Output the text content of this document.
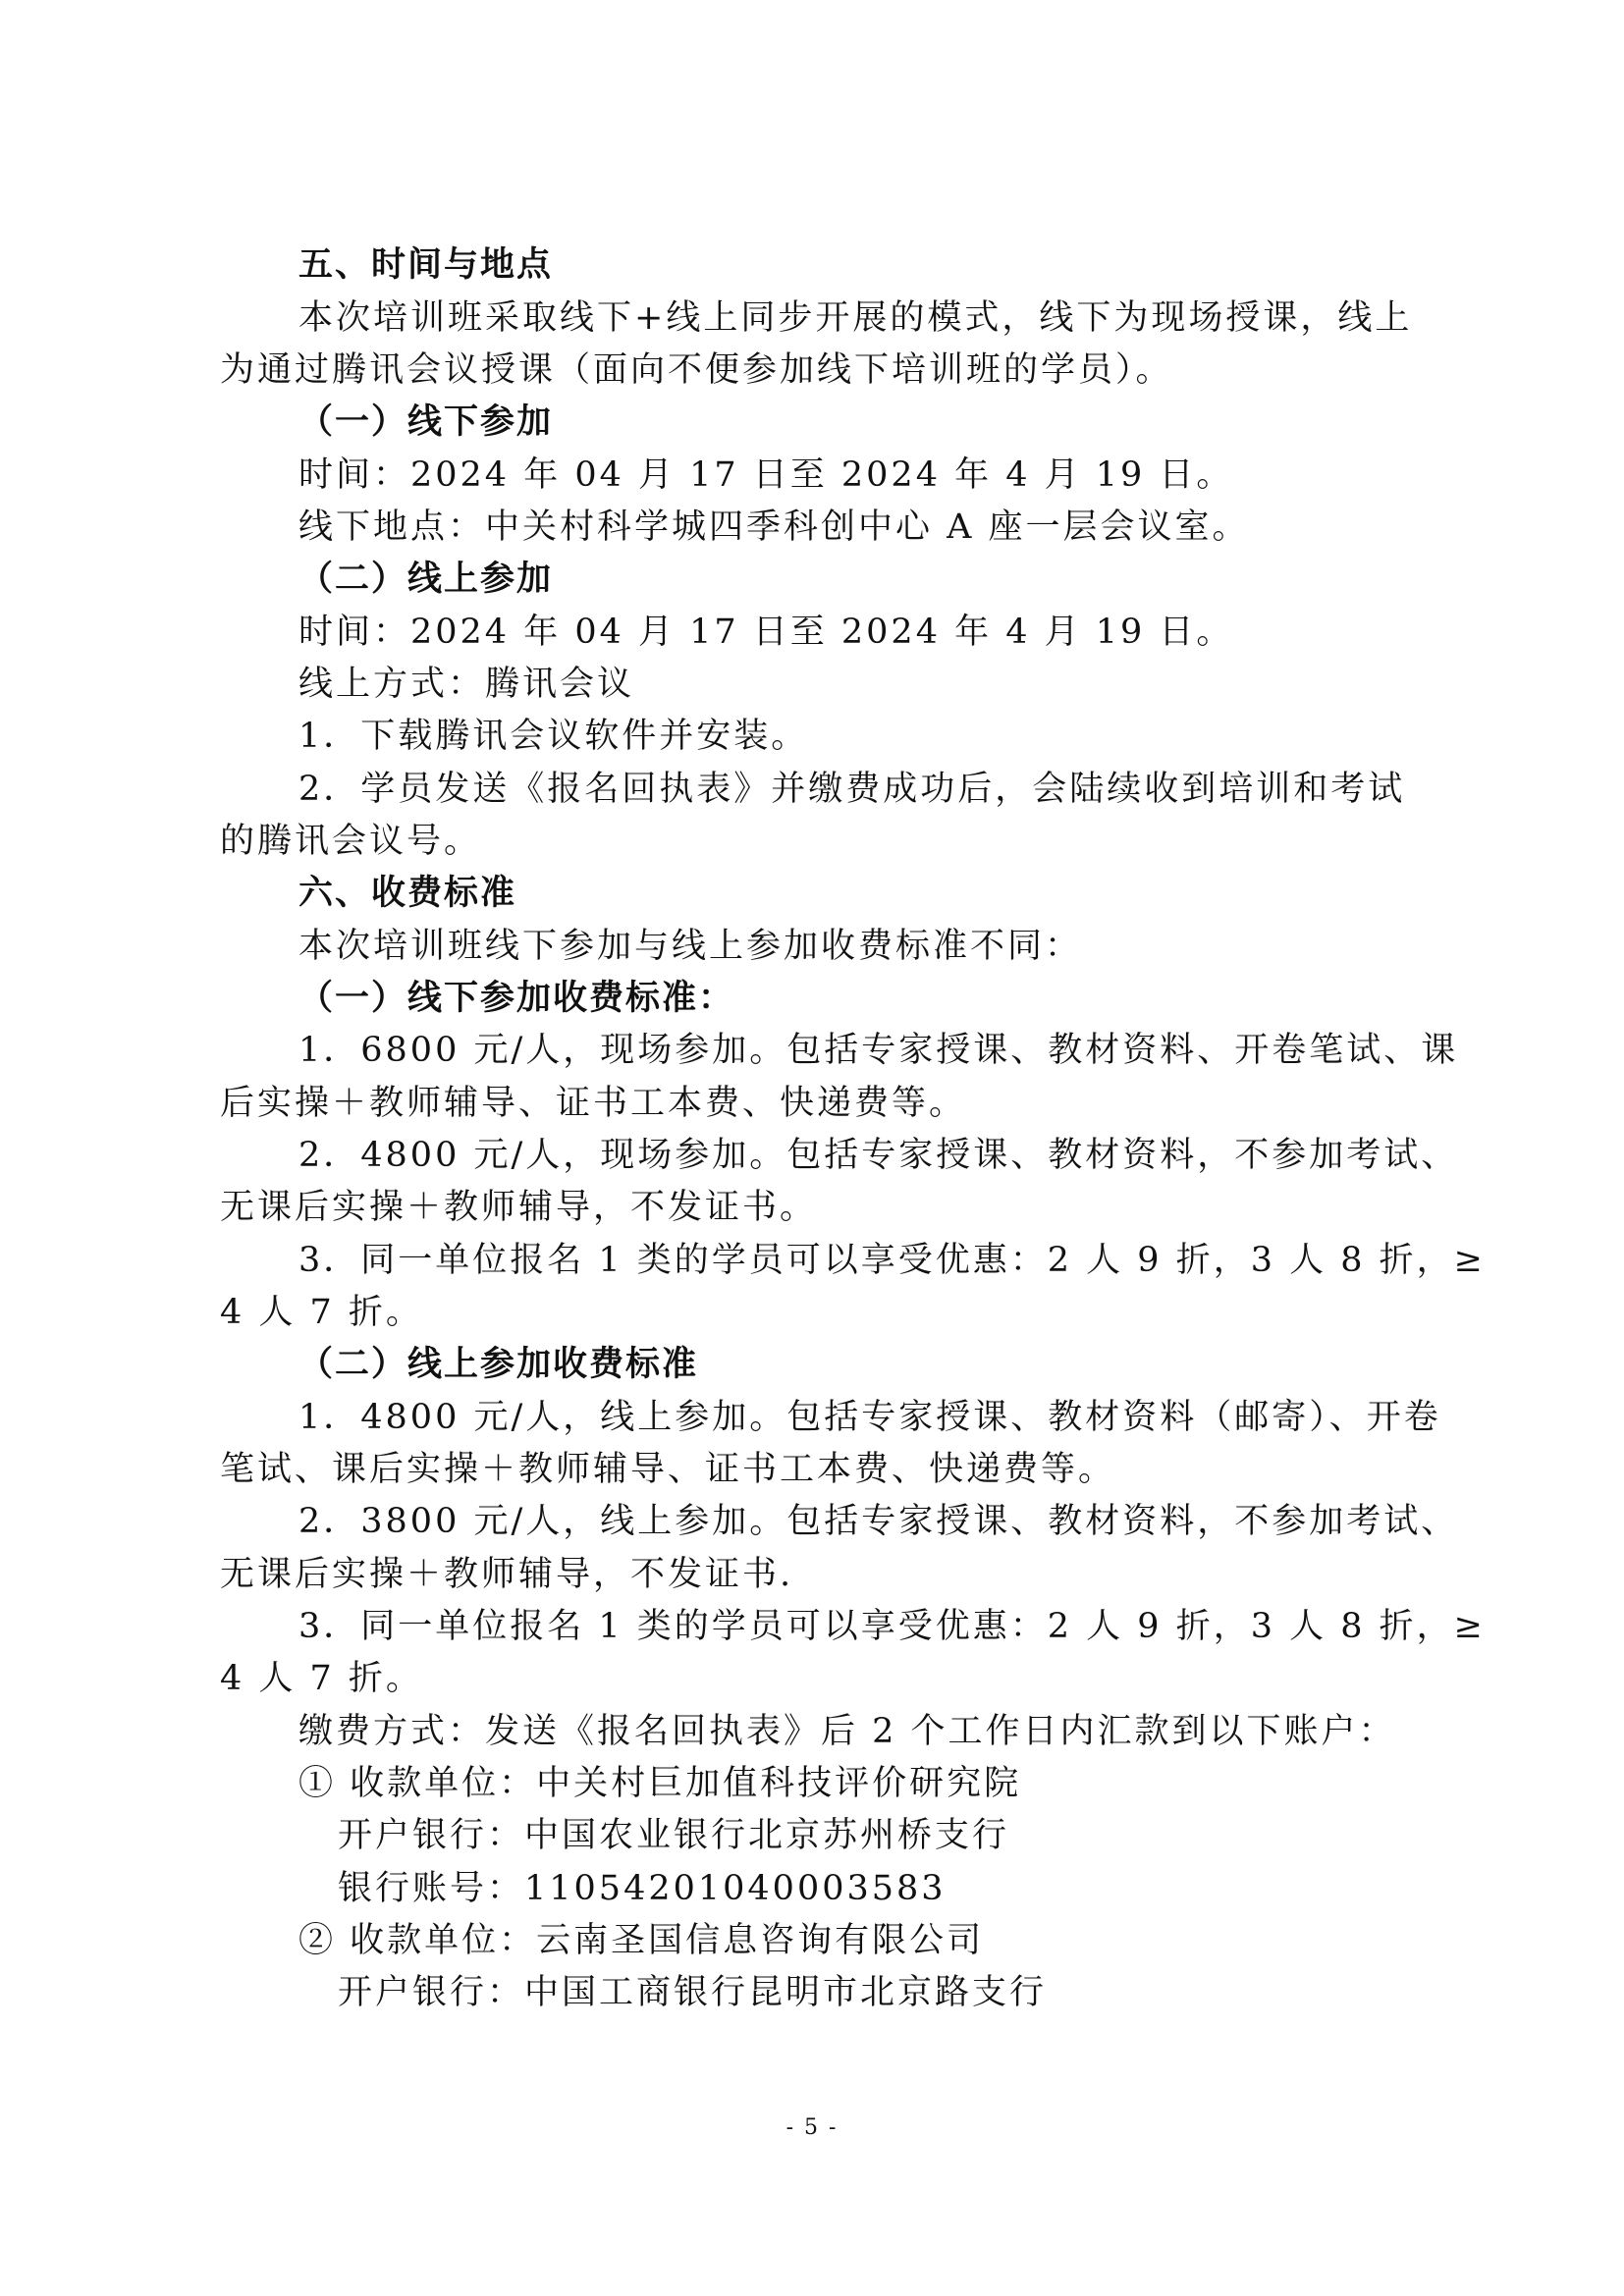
五、时间与地点
本次培训班采取线下+线上同步开展的模式，线下为现场授课，线上
为通过腾讯会议授课（面向不便参加线下培训班的学员）。
（一）线下参加
时间：2024 年 04 月 17 日至 2024 年 4 月 19 日。
线下地点：中关村科学城四季科创中心 A 座一层会议室。
（二）线上参加
时间：2024 年 04 月 17 日至 2024 年 4 月 19 日。
线上方式：腾讯会议
1．下载腾讯会议软件并安装。
2．学员发送《报名回执表》并缴费成功后，会陆续收到培训和考试
的腾讯会议号。
六、收费标准
本次培训班线下参加与线上参加收费标准不同：
（一）线下参加收费标准：
1．6800 元/人，现场参加。包括专家授课、教材资料、开卷笔试、课
后实操＋教师辅导、证书工本费、快递费等。
2．4800 元/人，现场参加。包括专家授课、教材资料，不参加考试、
无课后实操＋教师辅导，不发证书。
3．同一单位报名 1 类的学员可以享受优惠：2 人 9 折，3 人 8 折，≥
4 人 7 折。
（二）线上参加收费标准
1．4800 元/人，线上参加。包括专家授课、教材资料（邮寄）、开卷
笔试、课后实操＋教师辅导、证书工本费、快递费等。
2．3800 元/人，线上参加。包括专家授课、教材资料，不参加考试、
无课后实操＋教师辅导，不发证书.
3．同一单位报名 1 类的学员可以享受优惠：2 人 9 折，3 人 8 折，≥
4 人 7 折。
缴费方式：发送《报名回执表》后 2 个工作日内汇款到以下账户：
① 收款单位：中关村巨加值科技评价研究院
开户银行：中国农业银行北京苏州桥支行
银行账号：11054201040003583
② 收款单位：云南圣国信息咨询有限公司
开户银行：中国工商银行昆明市北京路支行
- 5 -
